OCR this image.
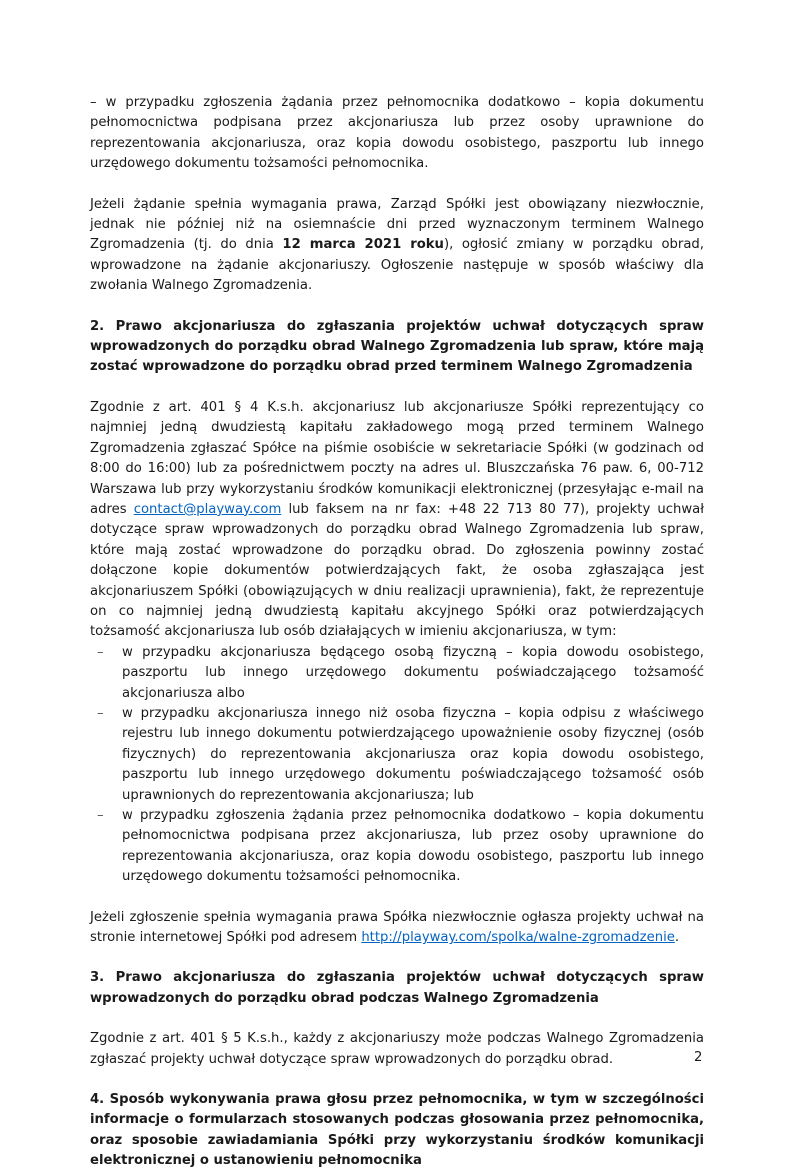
– w przypadku zgłoszenia żądania przez pełnomocnika dodatkowo – kopia dokumentu pełnomocnictwa podpisana przez akcjonariusza lub przez osoby uprawnione do reprezentowania akcjonariusza, oraz kopia dowodu osobistego, paszportu lub innego urzędowego dokumentu tożsamości pełnomocnika.

Jeżeli żądanie spełnia wymagania prawa, Zarząd Spółki jest obowiązany niezwłocznie, jednak nie później niż na osiemnaście dni przed wyznaczonym terminem Walnego Zgromadzenia (tj. do dnia 12 marca 2021 roku), ogłosić zmiany w porządku obrad, wprowadzone na żądanie akcjonariuszy. Ogłoszenie następuje w sposób właściwy dla zwołania Walnego Zgromadzenia.

2. Prawo akcjonariusza do zgłaszania projektów uchwał dotyczących spraw wprowadzonych do porządku obrad Walnego Zgromadzenia lub spraw, które mają zostać wprowadzone do porządku obrad przed terminem Walnego Zgromadzenia

Zgodnie z art. 401 § 4 K.s.h. akcjonariusz lub akcjonariusze Spółki reprezentujący co najmniej jedną dwudziestą kapitału zakładowego mogą przed terminem Walnego Zgromadzenia zgłaszać Spółce na piśmie osobiście w sekretariacie Spółki (w godzinach od 8:00 do 16:00) lub za pośrednictwem poczty na adres ul. Bluszczańska 76 paw. 6, 00-712 Warszawa lub przy wykorzystaniu środków komunikacji elektronicznej (przesyłając e-mail na adres contact@playway.com lub faksem na nr fax: +48 22 713 80 77), projekty uchwał dotyczące spraw wprowadzonych do porządku obrad Walnego Zgromadzenia lub spraw, które mają zostać wprowadzone do porządku obrad. Do zgłoszenia powinny zostać dołączone kopie dokumentów potwierdzających fakt, że osoba zgłaszająca jest akcjonariuszem Spółki (obowiązujących w dniu realizacji uprawnienia), fakt, że reprezentuje on co najmniej jedną dwudziestą kapitału akcyjnego Spółki oraz potwierdzających tożsamość akcjonariusza lub osób działających w imieniu akcjonariusza, w tym:

– w przypadku akcjonariusza będącego osobą fizyczną – kopia dowodu osobistego, paszportu lub innego urzędowego dokumentu poświadczającego tożsamość akcjonariusza albo
– w przypadku akcjonariusza innego niż osoba fizyczna – kopia odpisu z właściwego rejestru lub innego dokumentu potwierdzającego upoważnienie osoby fizycznej (osób fizycznych) do reprezentowania akcjonariusza oraz kopia dowodu osobistego, paszportu lub innego urzędowego dokumentu poświadczającego tożsamość osób uprawnionych do reprezentowania akcjonariusza; lub
– w przypadku zgłoszenia żądania przez pełnomocnika dodatkowo – kopia dokumentu pełnomocnictwa podpisana przez akcjonariusza, lub przez osoby uprawnione do reprezentowania akcjonariusza, oraz kopia dowodu osobistego, paszportu lub innego urzędowego dokumentu tożsamości pełnomocnika.

Jeżeli zgłoszenie spełnia wymagania prawa Spółka niezwłocznie ogłasza projekty uchwał na stronie internetowej Spółki pod adresem http://playway.com/spolka/walne-zgromadzenie.

3. Prawo akcjonariusza do zgłaszania projektów uchwał dotyczących spraw wprowadzonych do porządku obrad podczas Walnego Zgromadzenia

Zgodnie z art. 401 § 5 K.s.h., każdy z akcjonariuszy może podczas Walnego Zgromadzenia zgłaszać projekty uchwał dotyczące spraw wprowadzonych do porządku obrad.

4. Sposób wykonywania prawa głosu przez pełnomocnika, w tym w szczególności informacje o formularzach stosowanych podczas głosowania przez pełnomocnika, oraz sposobie zawiadamiania Spółki przy wykorzystaniu środków komunikacji elektronicznej o ustanowieniu pełnomocnika
2
